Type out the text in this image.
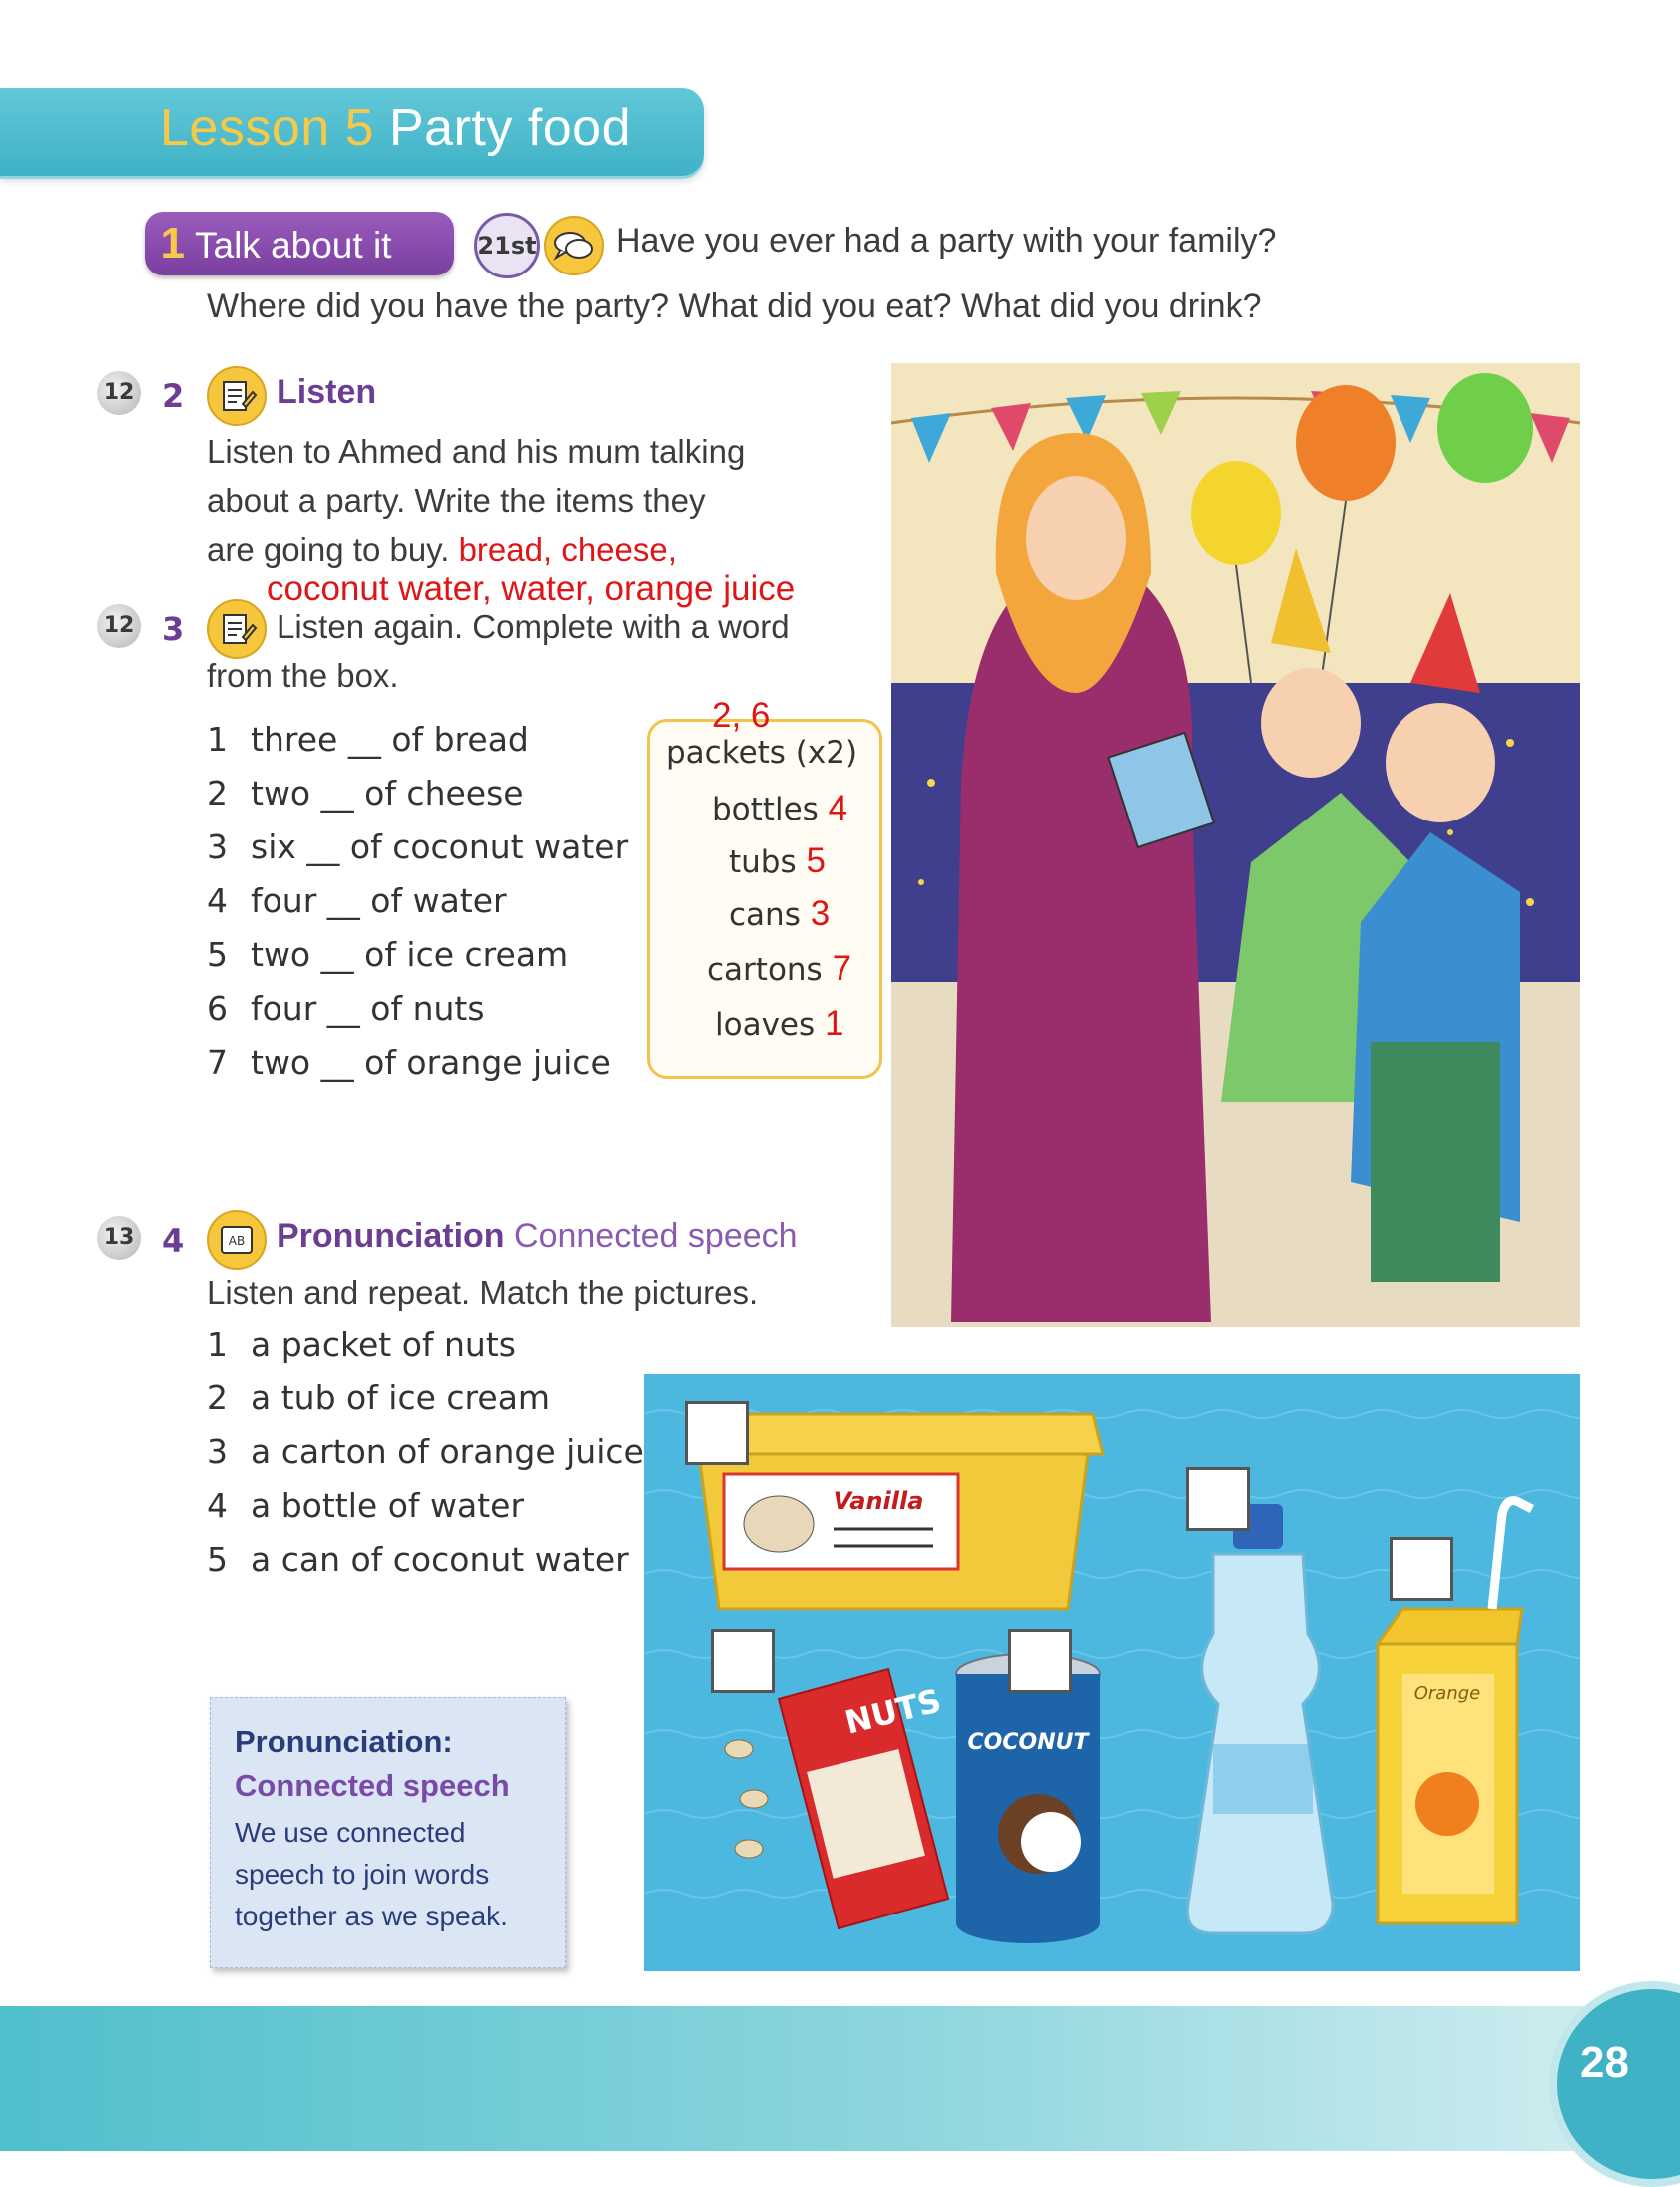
Lesson 5 Party food
1 Talk about it	21st Have you ever had a party with your family?
Where did you have the party? What did you eat? What did you drink?
12 2	Listen
Listen to Ahmed and his mum talking
about a party. Write the items they
are going to buy. bread, cheese,
coconut water, water, orange juice
12 3	Listen again. Complete with a word
from the box.
1 three __ of bread
2 two __ of cheese
3 six __ of coconut water
4 four __ of water
5 two __ of ice cream
6 four __ of nuts
7 two __ of orange juice
2, 6
packets (x2)
bottles 4
tubs 5
cans 3
cartons 7
loaves 1
13 4	AB Pronunciation Connected speech
Listen and repeat. Match the pictures.
1 a packet of nuts
2 a tub of ice cream
3 a carton of orange juice
4 a bottle of water
5 a can of coconut water
Vanilla
NUTS
COCONUT
Orange
Pronunciation:
Connected speech
We use connected
speech to join words
together as we speak.
28
